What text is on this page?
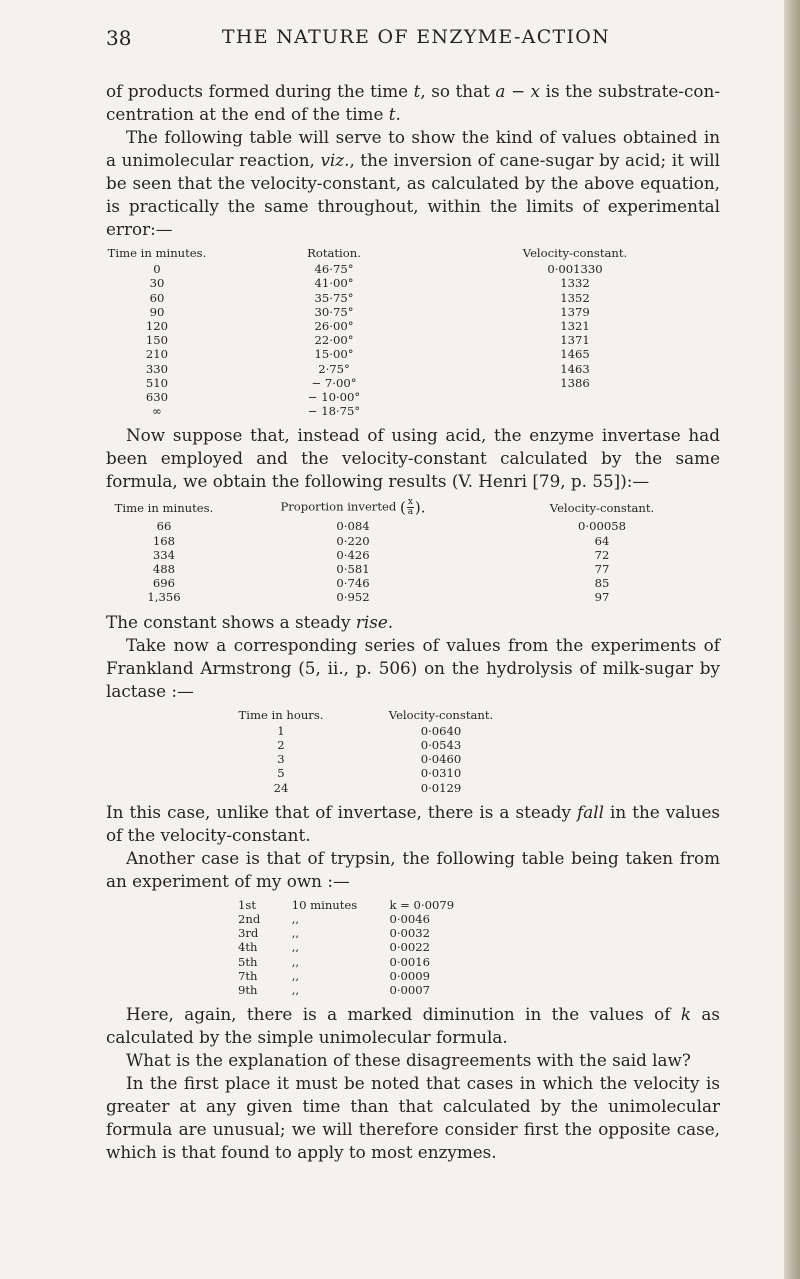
THE NATURE OF ENZYME-ACTION
38

of products formed during the time t, so that a − x is the substrate-concentration at the end of the time t.

The following table will serve to show the kind of values obtained in a unimolecular reaction, viz., the inversion of cane-sugar by acid; it will be seen that the velocity-constant, as calculated by the above equation, is practically the same throughout, within the limits of experimental error:—

Time in minutes.	Rotation.	Velocity-constant.
0	46·75°	0·001330
30	41·00°	1332
60	35·75°	1352
90	30·75°	1379
120	26·00°	1321
150	22·00°	1371
210	15·00°	1465
330	2·75°	1463
510	− 7·00°	1386
630	− 10·00°	
∞	− 18·75°	

Now suppose that, instead of using acid, the enzyme invertase had been employed and the velocity-constant calculated by the same formula, we obtain the following results (V. Henri [79, p. 55]):—

Time in minutes.	Proportion inverted ( $\frac{x}{a}$ ).	Velocity-constant.
66	0·084	0·00058
168	0·220	64
334	0·426	72
488	0·581	77
696	0·746	85
1,356	0·952	97

The constant shows a steady rise.

Take now a corresponding series of values from the experiments of Frankland Armstrong (5, ii., p. 506) on the hydrolysis of milk-sugar by lactase :—

Time in hours.	Velocity-constant.
1	0·0640
2	0·0543
3	0·0460
5	0·0310
24	0·0129

In this case, unlike that of invertase, there is a steady fall in the values of the velocity-constant.

Another case is that of trypsin, the following table being taken from an experiment of my own :—

1st	10 minutes	k = 0·0079
2nd	,,	0·0046
3rd	,,	0·0032
4th	,,	0·0022
5th	,,	0·0016
7th	,,	0·0009
9th	,,	0·0007

Here, again, there is a marked diminution in the values of k as calculated by the simple unimolecular formula.

What is the explanation of these disagreements with the said law?

In the first place it must be noted that cases in which the velocity is greater at any given time than that calculated by the unimolecular formula are unusual; we will therefore consider first the opposite case, which is that found to apply to most enzymes.
